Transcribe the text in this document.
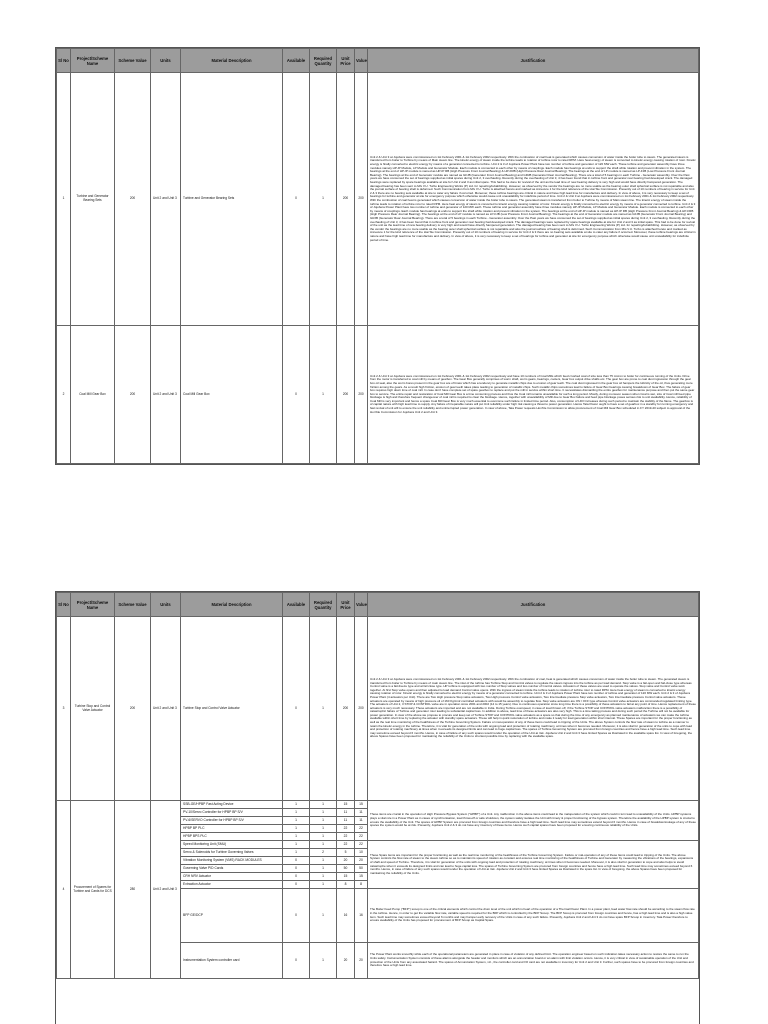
Sl No	Project/Scheme Name	Scheme Value	Units	Material Description	Available	Required Quantity	Unit Price	Value	Justification
1	Turbine and Generator Bearing Sets	200	Unit 2 and Unit 3	Turbine and Generator Bearing Sets	0	1	200	200	Unit 2 & Unit 3 at Jojobera were commissioned on 1st February 2001 & 1st February 2002 respectively. With the combustion of coal heat is generated which causes conversion of water inside the boiler tube to steam. The generated steam is transferred from boiler to Turbine by means of Main steam line. The kinetic energy of steam inside the turbine leads to rotation of turbine rotor to rated RPM. Here heat energy of steam is converted to kinetic energy causing rotation of rotor. Kinetic energy is finally converted to electric energy by means of a generator connected to turbine. Unit 2 & 3 of Jojobera Power Plant have two number of turbine and generator of 120 MW each. These turbine and generator assembly have three modules namely HP-IP Module, LP Module and Generator Module. Each module is connected to each other by means of couplings. Each module has bearings at ends to support the shaft while rotation and prevent vibration in the system. The bearings at the end of HP-IP module is named as HP-IP RB (High Pressure Front Journal Bearing) & HP-FRB (High Pressure Rear Journal Bearing). The bearings at the end of LP module is named as LP-FJB (Low Pressure Front Journal Bearing). The bearings at the end of Generator module are named as GFJB (Generator Front Journal Bearing) and GRJB (Generator Rear Journal Bearing). There are a total of 5 bearings in each Turbine - Generator assembly. Over the Past years we have consumed the set of bearings supplied as initial spares during Unit 2, 3 overhauling. Recently during the overhauling of Unit 3, 4 has been found that in turbine front and generator rear bearing had developed crack. The damaged bearings were replaced by spare bearings available at site for Unit 2 and 3 as initial spare. This had to be done for revival of the unit as the lead time of new bearing delivery is very high and would have directly hampered generation. The damaged bearing has been sent to M/s V.U. Turbo Engineering Works (P) Ltd. for repairing/rebabbitting. However, as observed by the vendor the bearings are no more usable as the bearing outer shell spherical surface is not repairable and also the journal surface of bearing shell is deformed. Such Communication from M/s V.U. Turbo is attached hereto and marked as Annexure 1 for the kind reference of the Hon'ble Commission. Presently out of 10 numbers of bearing in service for Unit 2 & 3 there are no bearing sets available at site to cater any failure if occurred. Moreover, these turbine bearings are critical in nature and have high lead time for manufacture and delivery. In view of above, it is very necessary to keep a set of bearings for turbine and generator at site for emergency purpose which otherwise would cause unit unavailability for indefinite period of time. Unit 2 & Unit 3 at Jojobera were commissioned on 1st February 2001 & 1st February 2002 respectively. With the combustion of coal heat is generated which causes conversion of water inside the boiler tube to steam. The generated steam is transferred from boiler to Turbine by means of Main steam line. The kinetic energy of steam inside the turbine leads to rotation of turbine rotor to rated RPM. Here heat energy of steam is converted to kinetic energy causing rotation of rotor. Kinetic energy is finally converted to electric energy by means of a generator connected to turbine. Unit 2 & 3 of Jojobera Power Plant have two number of turbine and generator of 120 MW each. These turbine and generator assembly have three modules namely HP-IP Module, LP Module and Generator Module. Each module is connected to each other by means of couplings. Each module has bearings at ends to support the shaft while rotation and prevent vibration in the system. The bearings at the end of HP-IP module is named as HP-IP RB (High Pressure Front Journal Bearing) & HP-FRB (High Pressure Rear Journal Bearing). The bearings at the end of LP module is named as LP-FJB (Low Pressure Front Journal Bearing). The bearings at the end of Generator module are named as GFJB (Generator Front Journal Bearing) and GRJB (Generator Rear Journal Bearing). There are a total of 5 bearings in each Turbine - Generator assembly. Over the Past years we have consumed the set of bearings supplied as initial spares during Unit 2, 3 overhauling. Recently during the overhauling of Unit 3, 4 has been found that in turbine front and generator rear bearing had developed crack. The damaged bearings were replaced by spare bearings available at site for Unit 2 and 3 as initial spare. This had to be done for revival of the unit as the lead time of new bearing delivery is very high and would have directly hampered generation. The damaged bearing has been sent to M/s V.U. Turbo Engineering Works (P) Ltd. for repairing/rebabbitting. However, as observed by the vendor the bearings are no more usable as the bearing outer shell spherical surface is not repairable and also the journal surface of bearing shell is deformed. Such Communication from M/s V.U. Turbo is attached hereto and marked as Annexure 1 for the kind reference of the Hon'ble Commission. Presently out of 10 numbers of bearing in service for Unit 2 & 3 there are no bearing sets available at site to cater any failure if occurred. Moreover, these turbine bearings are critical in nature and have high lead time for manufacture and delivery. In view of above, it is very necessary to keep a set of bearings for turbine and generator at site for emergency purpose which otherwise would cause unit unavailability for indefinite period of time.
2	Coal Mill Gear Box	200	Unit 2 and Unit 3	Coal Mill Gear Box	0	1	200	200	Unit 2 & Unit 3 at Jojobera were commissioned on 1st February 2001 & 1st February 2002 respectively and have 10 numbers of Coal Mills which feed crushed coal of size less than 75 micron to boiler for continuous running of the Units. Drive from the motor is transferred to coal mill by means of gearbox. The Gear Box generally comprises of worm shaft, worm gears, bearings, coolers, Gear box output drive shafts etc. The gear box are prone to coal dust ingression through the gear box oil seal, also the worm bores present in the gear box are of brass which has a tendency to generate metallic chips due to erosion of gear teeth. The coal dust ingressed in the gear box oil hampers the lubricity of the oil, thus generating more friction among the gears. As a result high friction, erosion of gear teeth takes place leading to generation of metallic chips. Such metallic chips sometimes lead to failure of Gear Box bearings causing breakdown of Gear Box. The failure of gear box requires high down time of coal mill. In case don't have complete set of spare gearbox to replace and put the mill in service within short time. It necessitates dismantling the entire gearbox for maintenance purpose and then put the same gear box to service. The entire repair and restoration of Coal Mill Gear Box is a time consuming process and thus the Coal mill remains unavailable for such a long period. Mostly, during monsoon season when Coal is wet, size of Coal mill feed pipe blockage is high and therefore frequent changeover of coal mill is required to clear the blockage. Hence, together with unavailability of Mill due to Gear Box failure and feed pipe blockage poses serious risk to unit availability. Hence, reliability of Coal Mill is very important and hence a spare Coal Mill Gear Box is very much essential to overcome such failure in limited time period. Also, consumption of LDO increases during such period to maintain the stability of the flame. The gearbox is of capital nature with high lead time to supply. Any failure of irreparable nature will put Unit reliability under high risk causing a threat to power generation. Hence Tata Power ought to have a set of gearbox in a standby for running emergency and fast revival of unit will to ensure the unit reliability and uninterrupted power generation. In view of above, Tata Power requests Hon'ble Commission to allow procurement of Coal Mill Gear Box scheduled in FY 2019-20 subject to approval of the Hon'ble Commission for Jojobera Unit 2 and Unit 3.
Sl No	Project/Scheme Name	Scheme Value	Units	Material Description	Available	Required Quantity	Unit Price	Value	Justification
3	Turbine Stop and Control Valve Actuator	200	Unit 2 and Unit 3	Turbine Stop and Control Valve Actuator	0	1	200	200	Unit 2 & Unit 3 at Jojobera were commissioned on 1st February 2001 & 1st February 2002 respectively. With the combustion of coal, heat is generated which causes conversion of water inside the boiler tube to steam. The generated steam is transferred from boiler to Turbine by means of main steam line. The inlet of the turbine has Turbine Stop and Control valves to regulate the steam ingress into the turbine as per load demand. Stop valve is a fail-open and fail-close type whereas Control valve is a fail-freeze type and at fail close type. HP turbine is equipped with two number of Stop valves and two number of Control valves. Actuators of these valves are used to operate the valves. Stop valve and Control valve work together. At first Stop valve opens and then adjusted to load demand Control valve opens. With the ingress of steam inside the turbine leads to rotation of turbine rotor to rated RPM. Here heat energy of steam is converted to kinetic energy causing rotation of rotor. Kinetic energy is finally converted to electric energy by means of a generator connected to turbine. Unit 2 & 3 of Jojobera Power Plant have two number of turbine and generator of 120 MW each. Unit 2 & 3 of Jojobera Power Plant (4 actuators per Unit). There are Two High pressure Stop valve actuators, Two High pressure Control valve actuators, Two Intermediate pressure Stop valve actuators, Two Intermediate pressure Control valve actuators. These actuators are operated by means of high pressure oil of 160 Kg/cm2 controlled actuators with would be assembly to regulate flow. Stop valve actuators are ON / OFF type whereas Control valve actuators are commanded regulated limiting type. The actuators of Unit 2, 3 STOP & CONTROL valve are in operation since 2001 and 2002 (14 to 15 years). Due to continuous operation since long time there is a possibility of these actuators to fail at any point of time. Hence replacement of these actuators is very much necessary. These actuators are imported and are not available in India. During Turbine overspeed, in case of load thrown off, if the Turbine STOP and CONTROL valve actuators malfunction there is a possibility of catastrophic failure of Turbine and generator rotor leading to substantial capital loss. In addition to above, lead time of these actuators are also very high. This is a time taking process and during such period the Turbine will not be available for power generation. In view of the above we propose to procure and keep set of Turbine STOP and CONTROL valve actuators as a spare so that during the time of any emergency as planned maintenance of actuators we can make the turbine available within short time by replacing the actuator with standby spare actuators. These will help in quick restoration of turbine and make it ready for load generation within short interval. These Spares are important for the proper functioning as well as the real time monitoring of the healthiness of the Turbine Governing System. Failure or mal-operation of any of these Items could lead to tripping of the Units. The above System controls the flow rate of steam to turbine as a manner to retain the kinetic energy in the turbine. Therefore, it is vital for generation of the units with ongoing load and protection of rotating machinery, at times when it becomes needed. Moreover, it is also vital for generation of the units to cope with load and protection of rotating machinery at times when it exceeds its designed limits and can lead to huge capital loss. The spares of Turbine Governing System are procured from foreign countries and hence have a high lead time. Such lead time may sometime exceed beyond 6 months. Hence, in case of failure of any such spares would render the operation of the Unit at risk. Jojobera Unit 2 and Unit 3 have limited Spares as illustrated in the available spare list. In view of foregoing, the above Spares have been proposed for maintaining the reliability of the Units to shortest possible time by replacing with the available spare.
4	Procurement of Spares for Turbine and Cards for DCS	280	Unit 2 and Unit 3	SSB-GE/HPBP Fast Acting Device	1	1	15	15	These items are crucial in the operation of High Pressure Bypass System ("HPBP") of a Unit. Any malfunction in the above items could lead to the maloperation of the system which could in turn lead to unavailability of the Units. HPBP systems plays a vital role in a Power Plant as in cases of synchronisation, load throw-off or safe shutdown, the system safely isolates the Unit with timely & proper functioning of the bypass system. Therefore the availability of the HPBP system is crucial to ensure the availability of the Unit. The spares of HPBP System are procured from foreign countries and therefore have a high lead time. Such lead time may sometimes extend beyond 6 months. Hence in case of breakdown/outage of any of these spares the system would be at risk. Presently, Jojobera Unit 2 & 3 do not have any inventory of these items. Hence such capital spares have been proposed for ensuring continuous reliability of the Units.
				PV-10/Servo Controller for HPBP BP S/V	1	1	11	11	
				PV-6/SERVO Controller for HPBP BP S/V	1	1	11	11	
				HPBP BP PLC	1	1	22	22	
				HPBP BPS PLC	1	1	22	22	
				Speed Monitoring Unit (SMU)	1	1	22	22	These Spare items are important for the proper functioning as well as the real time monitoring of the healthiness of the Turbine Governing System. Failure or mal-operation of any of these Items could lead to tripping of the Units. The above System controls the flow rate of steam to the steam turbine so as to maintain its speed of rotation as constant and ensures real time monitoring of the healthiness of Turbine and Generator by measuring the vibrations of the bearings, expansions of shaft and speed of Turbine. Therefore, it is vital for generation of the units with ongoing load and protection of rotating machinery, at times when it becomes needed. Moreover, it is also vital for generation to cope and also helps to avoid catastrophe when it exceeds its designed limits and can lead to huge capital loss. The spares of Turbine Governing System are procured from foreign countries and hence have a high lead time. Such lead time may sometimes exceed beyond 6 months. Hence, in case of failure of any such spares would render the operation of Unit at risk. Jojobera Unit 2 and Unit 3 have limited Spares as illustrated in the spare list. In view of foregoing, the above Spares have been proposed for maintaining the reliability of the Units.
				Servo & Solenoids for Turbine Governing Valves	1	2	5	10	
				Vibration Monitoring System (VMS) RACK MODULES	0	1	20	20	
				Governing Valve PID Cards	0	1	50	50	
				CRH NRV Actuator	0	1	15	15	
				Extraction Actuator	0	1	8	8	
				BFP GE/DCP	0	1	16	16	The Boiler Feed Pump ("BFP") scoop is one of the critical elements which control the drum level of the unit which is heart of the operation of a Thermal Power Plant. In a power plant, feed water flow rate should be according to the steam flow rate in the turbine. Hence, in order to get the variable flow rate, variable speed is required for the BFP which is controlled by the BFP Scoop. The BFP Scoop is procured from foreign countries and hence, has a high lead time and is also a high value item. Such lead time may sometimes exceed beyond 6 months and may hamper early recovery of the Units in case of any such failure. Presently, Jojobera Unit 2 and Unit 3 do not have spare BFP Scoop in inventory. Tata Power therefore to ensure availability of the Units has proposed for procurement of BFP Scoop as Capital Spare.
				Instrumentation System controller card	0	1	20	20	The Power Plant works smoothly while each of the operational parameters are generated in place in case of violation of any defined limit. The operation engineer based on such indication takes necessary action to restore the same to run the Units safely. Instrumentation System consists of these alarms alongside the header and monitors which are an annunciation board or an alarm with limit violation occurs. Hence, it is very critical in view of sustainable operation of the Unit and protection of the Units from any associated hazard. The spares of Annunciation System, viz., the controller card and I/O card are not available in inventory for Unit 2 and Unit 3. Further, such spares have to be procured from foreign countries and therefore have a high lead time.
